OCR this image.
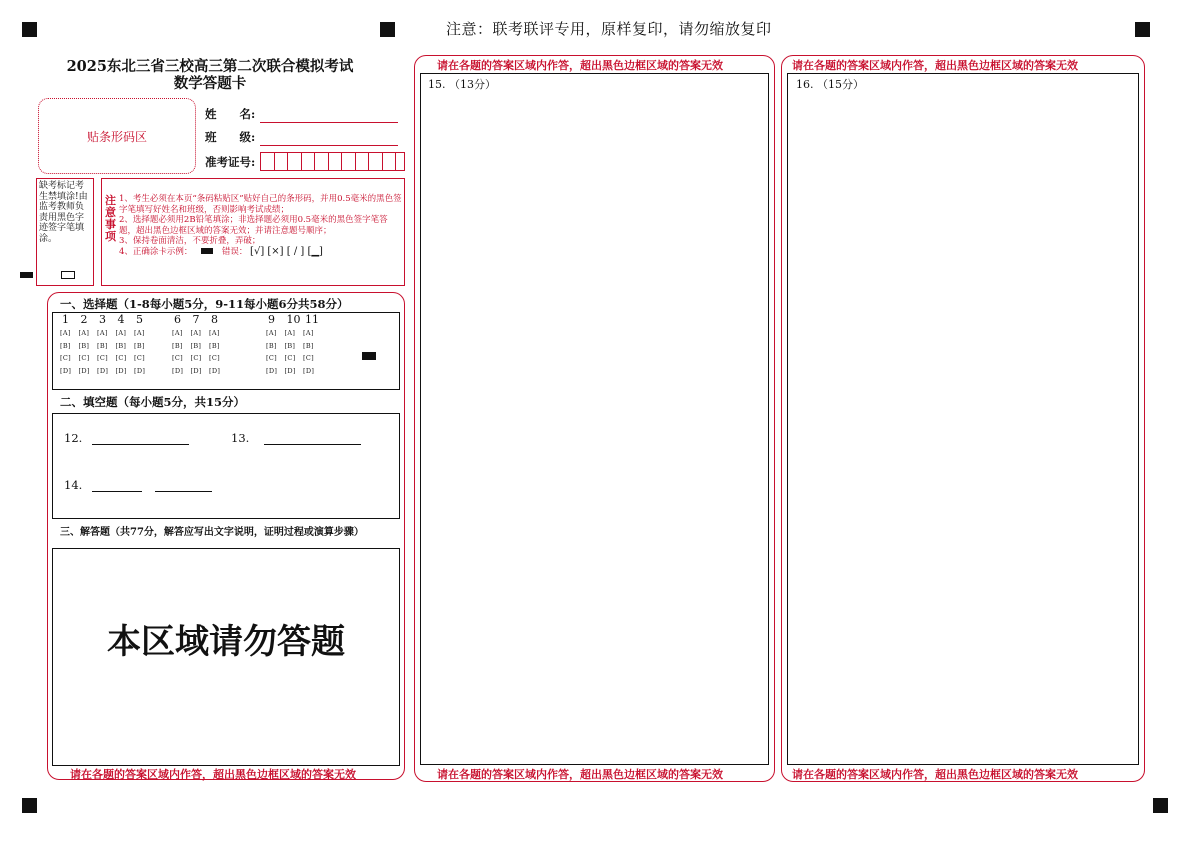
注意：联考联评专用，原样复印，请勿缩放复印
2025东北三省三校高三第二次联合模拟考试
数学答题卡
贴条形码区
姓　　名:
班　　级:
准考证号:
缺考标记考生禁填涂!由监考教师负责用黑色字迹签字笔填涂。
注
意
事
项
1、考生必须在本页“条码粘贴区”贴好自己的条形码，并用0.5毫米的黑色签字笔填写好姓名和班级，否则影响考试成绩；
2、选择题必须用2B铅笔填涂；非选择题必须用0.5毫米的黑色签字笔答题，超出黑色边框区域的答案无效；并请注意题号顺序；
3、保持卷面清洁，不要折叠，弄破；
4、正确涂卡示例：	错误： [√] [×] [ / ] [▁]
一、选择题（1-8每小题5分，9-11每小题6分共58分）
1
[A]
[B]
[C]
[D]
2
[A]
[B]
[C]
[D]
3
[A]
[B]
[C]
[D]
4
[A]
[B]
[C]
[D]
5
[A]
[B]
[C]
[D]
6
[A]
[B]
[C]
[D]
7
[A]
[B]
[C]
[D]
8
[A]
[B]
[C]
[D]
9
[A]
[B]
[C]
[D]
10
[A]
[B]
[C]
[D]
11
[A]
[B]
[C]
[D]
二、填空题（每小题5分，共15分）
12.	13.
14.
三、解答题（共77分，解答应写出文字说明，证明过程或演算步骤）
本区域请勿答题
请在各题的答案区域内作答，超出黑色边框区域的答案无效
请在各题的答案区域内作答，超出黑色边框区域的答案无效
15. （13分）
请在各题的答案区域内作答，超出黑色边框区域的答案无效
请在各题的答案区域内作答，超出黑色边框区域的答案无效
16. （15分）
请在各题的答案区域内作答，超出黑色边框区域的答案无效
